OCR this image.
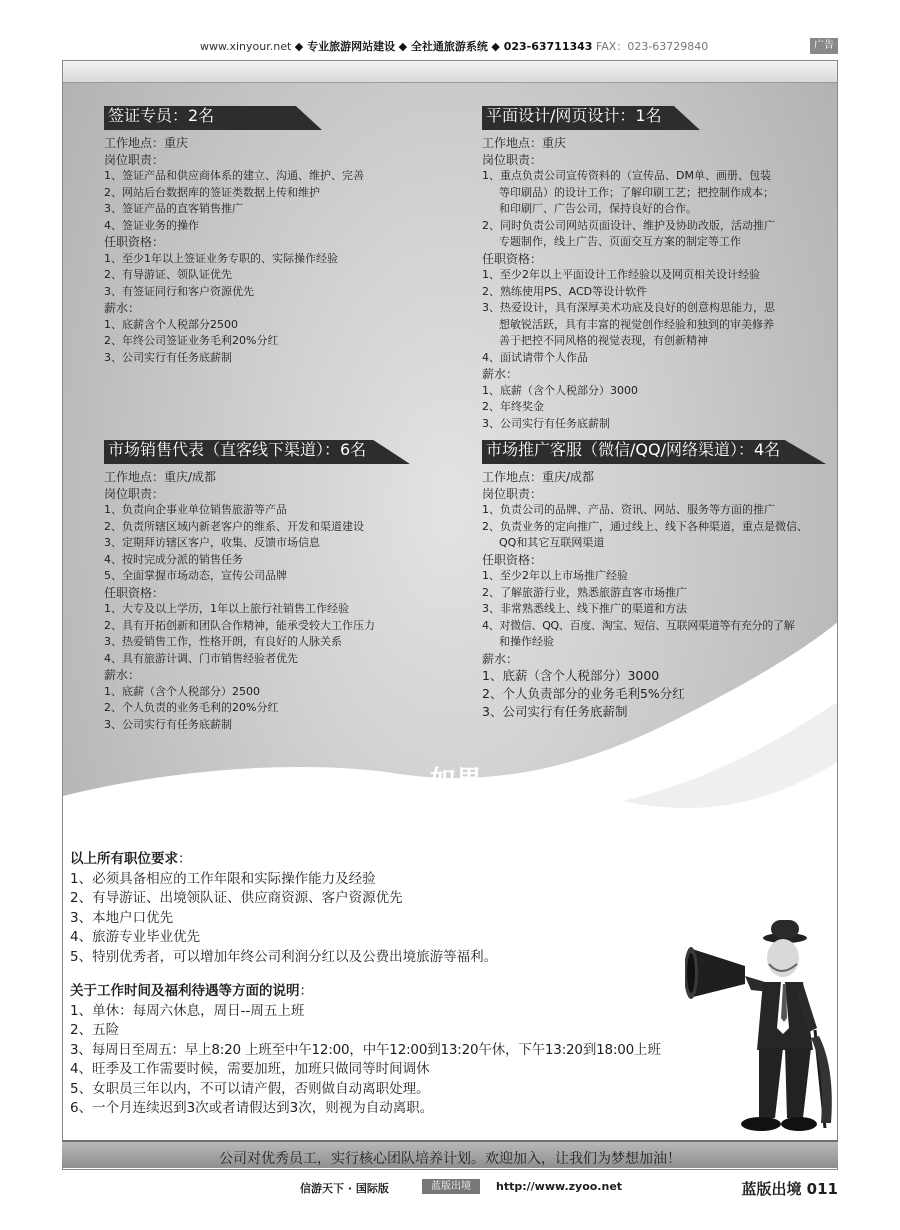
www.xinyour.net ◆ 专业旅游网站建设 ◆ 全社通旅游系统 ◆ 023-63711343 FAX：023-63729840	广告
签证专员：2名
工作地点：重庆
岗位职责：
1、签证产品和供应商体系的建立、沟通、维护、完善
2、网站后台数据库的签证类数据上传和维护
3、签证产品的直客销售推广
4、签证业务的操作
任职资格：
1、至少1年以上签证业务专职的、实际操作经验
2、有导游证、领队证优先
3、有签证同行和客户资源优先
薪水：
1、底薪含个人税部分2500
2、年终公司签证业务毛利20%分红
3、公司实行有任务底薪制
平面设计/网页设计：1名
工作地点：重庆
岗位职责：
1、重点负责公司宣传资料的（宣传品、DM单、画册、包装
等印刷品）的设计工作；了解印刷工艺；把控制作成本；
和印刷厂、广告公司，保持良好的合作。
2、同时负责公司网站页面设计、维护及协助改版，活动推广
专题制作，线上广告、页面交互方案的制定等工作
任职资格：
1、至少2年以上平面设计工作经验以及网页相关设计经验
2、熟练使用PS、ACD等设计软件
3、热爱设计，具有深厚美术功底及良好的创意构思能力，思
想敏锐活跃，具有丰富的视觉创作经验和独到的审美修养
善于把控不同风格的视觉表现，有创新精神
4、面试请带个人作品
薪水：
1、底薪（含个人税部分）3000
2、年终奖金
3、公司实行有任务底薪制
市场销售代表（直客线下渠道）：6名
工作地点：重庆/成都
岗位职责：
1、负责向企事业单位销售旅游等产品
2、负责所辖区域内新老客户的维系、开发和渠道建设
3、定期拜访辖区客户，收集、反馈市场信息
4、按时完成分派的销售任务
5、全面掌握市场动态，宣传公司品牌
任职资格：
1、大专及以上学历，1年以上旅行社销售工作经验
2、具有开拓创新和团队合作精神，能承受较大工作压力
3、热爱销售工作，性格开朗，有良好的人脉关系
4、具有旅游计调、门市销售经验者优先
薪水：
1、底薪（含个人税部分）2500
2、个人负责的业务毛利的20%分红
3、公司实行有任务底薪制
市场推广客服（微信/QQ/网络渠道）：4名
工作地点：重庆/成都
岗位职责：
1、负责公司的品牌、产品、资讯、网站、服务等方面的推广
2、负责业务的定向推广，通过线上、线下各种渠道，重点是微信、
QQ和其它互联网渠道
任职资格：
1、至少2年以上市场推广经验
2、了解旅游行业，熟悉旅游直客市场推广
3、非常熟悉线上、线下推广的渠道和方法
4、对微信、QQ、百度、淘宝、短信、互联网渠道等有充分的了解
和操作经验
薪水：
1、底薪（含个人税部分）3000
2、个人负责部分的业务毛利5%分红
3、公司实行有任务底薪制
如果 你是这样的人
欢迎加入
$_{我们的}$ 团队！
以上所有职位要求：
1、必须具备相应的工作年限和实际操作能力及经验
2、有导游证、出境领队证、供应商资源、客户资源优先
3、本地户口优先
4、旅游专业毕业优先
5、特别优秀者，可以增加年终公司利润分红以及公费出境旅游等福利。
关于工作时间及福利待遇等方面的说明：
1、单休：每周六休息，周日--周五上班
2、五险
3、每周日至周五：早上8:20 上班至中午12:00，中午12:00到13:20午休，下午13:20到18:00上班
4、旺季及工作需要时候，需要加班，加班只做同等时间调休
5、女职员三年以内，不可以请产假，否则做自动离职处理。
6、一个月连续迟到3次或者请假达到3次，则视为自动离职。
公司对优秀员工，实行核心团队培养计划。欢迎加入，让我们为梦想加油！
信游天下 · 国际版	蓝版出境	http://www.zyoo.net	蓝版出境 011
